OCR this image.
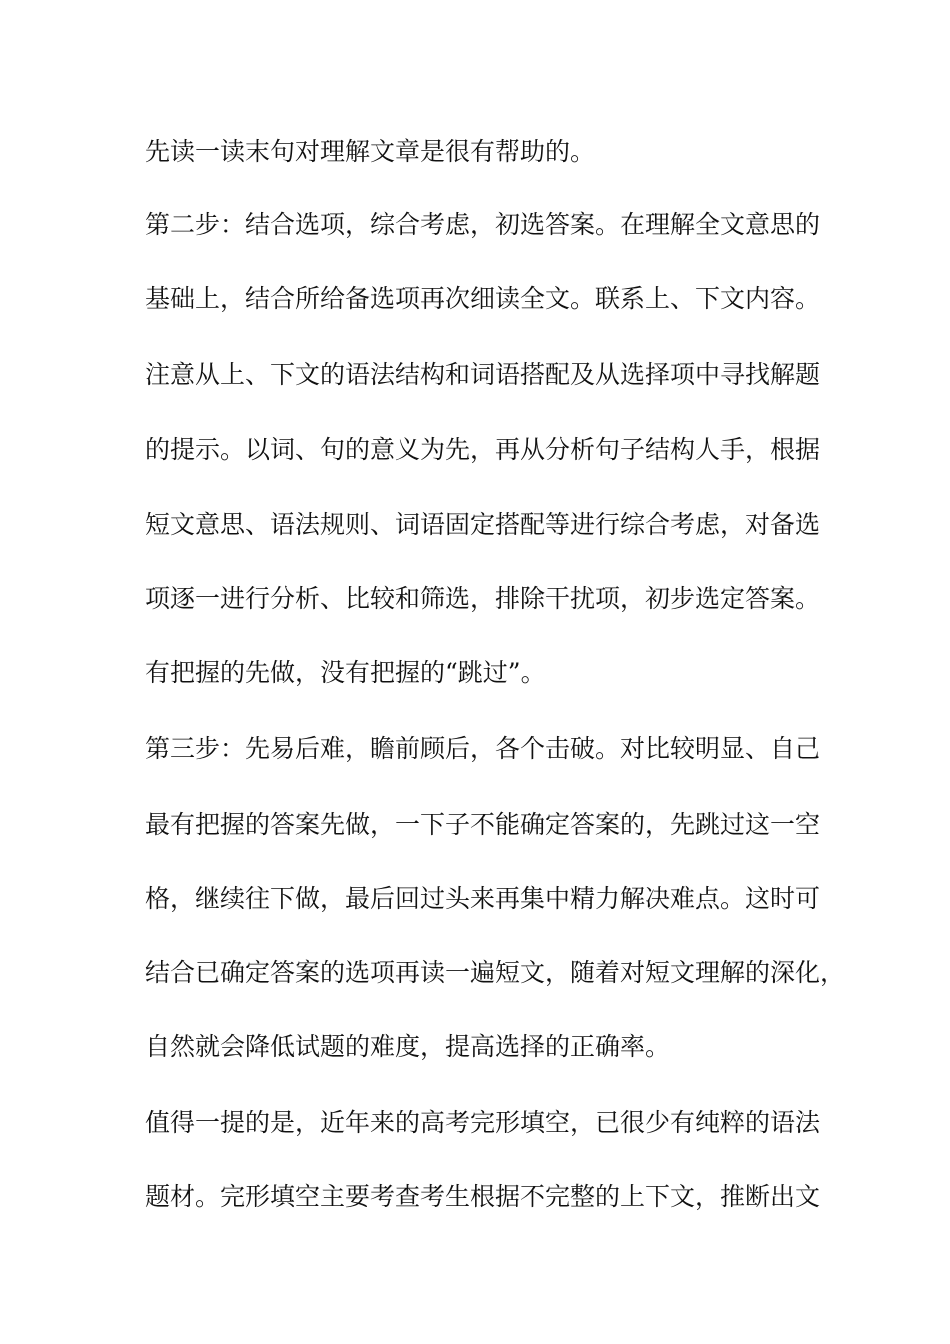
先读一读末句对理解文章是很有帮助的。
第二步：结合选项，综合考虑，初选答案。在理解全文意思的
基础上，结合所给备选项再次细读全文。联系上、下文内容。
注意从上、下文的语法结构和词语搭配及从选择项中寻找解题
的提示。以词、句的意义为先，再从分析句子结构人手，根据
短文意思、语法规则、词语固定搭配等进行综合考虑，对备选
项逐一进行分析、比较和筛选，排除干扰项，初步选定答案。
有把握的先做，没有把握的“跳过”。
第三步：先易后难，瞻前顾后，各个击破。对比较明显、自己
最有把握的答案先做，一下子不能确定答案的，先跳过这一空
格，继续往下做，最后回过头来再集中精力解决难点。这时可
结合已确定答案的选项再读一遍短文，随着对短文理解的深化，
自然就会降低试题的难度，提高选择的正确率。
值得一提的是，近年来的高考完形填空，已很少有纯粹的语法
题材。完形填空主要考查考生根据不完整的上下文，推断出文
